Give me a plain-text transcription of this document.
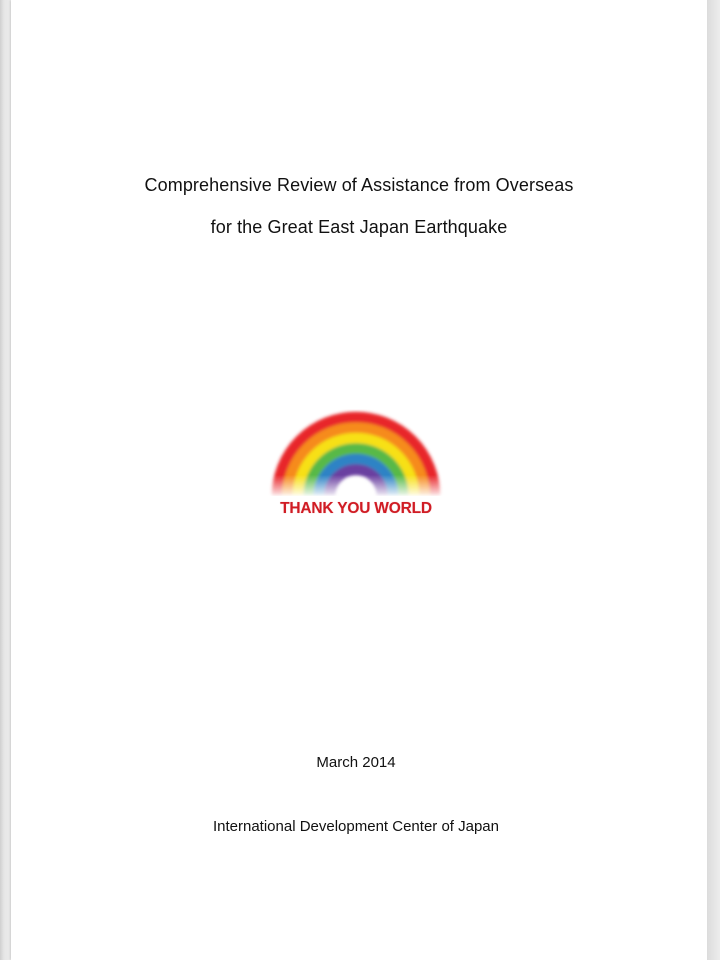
Comprehensive Review of Assistance from Overseas
for the Great East Japan Earthquake
THANK YOU WORLD
March 2014
International Development Center of Japan
